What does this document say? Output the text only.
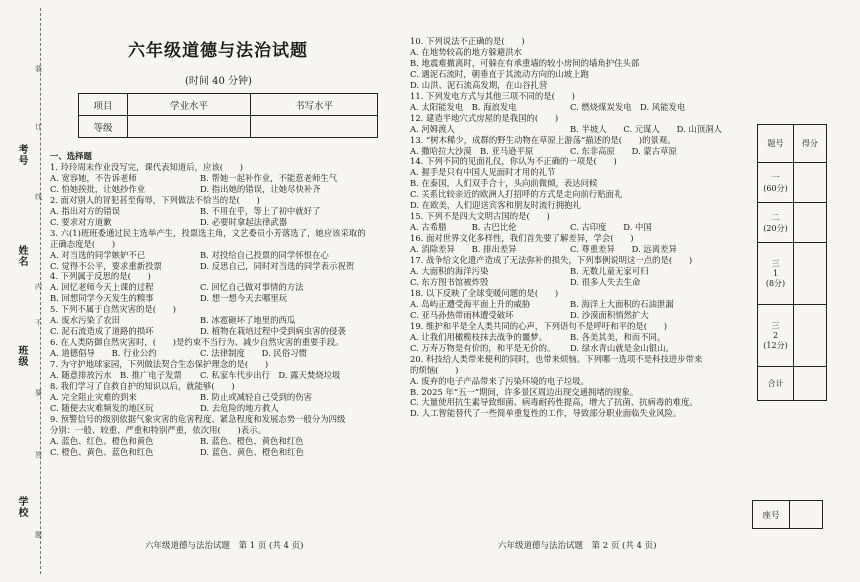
考号
姓名
班级
学校
装
订
线
内
不
要
答
题
六年级道德与法治试题
(时间 40 分钟)
项目	学业水平	书写水平
等级		
一、选择题
1. 玲玲周末作业没写完，课代表知道后，应该(　　)
A. 宽容她，不告诉老师	B. 帮她一起补作业，不能惹老师生气
C. 怕她挨批，让她抄作业	D. 指出她的错误，让她尽快补齐
2. 面对别人的冒犯甚至侮辱，下列做法不恰当的是(　　)
A. 指出对方的错误	B. 不用在乎，等上了初中就好了
C. 要求对方道歉	D. 必要时拿起法律武器
3. 六(1)班班委通过民主选举产生，投票选主角，文艺委员小芳落选了，她应该采取的
正确态度是(　　)
A. 对当选的同学嫉妒不已	B. 对投给自己投票的同学怀恨在心
C. 觉得不公平，要求重新投票	D. 反思自己，同时对当选的同学表示祝贺
4. 下列属于反思的是(　　)
A. 回忆老师今天上课的过程	C. 回忆自己做对事情的方法
B. 回想同学今天发生的糗事	D. 想一想今天去哪里玩
5. 下列不属于自然灾害的是(　　)
A. 废水污染了农田	B. 冰雹砸坏了地里的西瓜
C. 泥石流造成了道路的损坏	D. 植物在栽培过程中受到病虫害的侵袭
6. 在人类防御自然灾害时，(　　)是约束不当行为、减少自然灾害的重要手段。
A. 道德倡导　　B. 行业公约	C. 法律制度　　D. 民俗习惯
7. 为守护地球家园，下列做法契合生态保护理念的是(　　)
A. 随意排放污水　B. 推广电子发票 C. 私家车代步出行　D. 露天焚烧垃圾
8. 我们学习了自救自护的知识以后，就能够(　　)
A. 完全阻止灾难的到来	B. 防止或减轻自己受到的伤害
C. 随便去灾难频发的地区玩	D. 去危险的地方救人
9. 预警信号的级别依据气象灾害的危害程度、紧急程度和发展态势一般分为四级
分别：一般、较重、严重和特别严重，依次用(　　)表示。
A. 蓝色、红色、橙色和黄色	B. 蓝色、橙色、黄色和红色
C. 橙色、黄色、蓝色和红色	D. 蓝色、黄色、橙色和红色
10. 下列说法不正确的是(　　)
A. 在地势较高的地方躲避洪水
B. 地震难撤离时，可躲在有承重墙的较小房间的墙角护住头部
C. 遇泥石流时，朝垂直于其流动方向的山坡上跑
D. 山洪、泥石流高发期，在山谷扎营
11. 下列发电方式与其他三项不同的是(　　)
A. 太阳能发电　B. 海浪发电	C. 燃烧煤炭发电　D. 风能发电
12. 建造半地穴式房屋的是我国的(　　)
A. 河姆渡人	B. 半坡人　　C. 元谋人　　D. 山顶洞人
13. “树木稀少，成群的野生动物在草原上游荡”描述的是(　　)的景观。
A. 撒哈拉大沙漠　B. 亚马逊平原	C. 东非高原　　D. 蒙古草原
14. 下列不同的见面礼仪，你认为不正确的一项是(　　)
A. 握手是只有中国人见面时才用的礼节
B. 在泰国，人们双手合十，头向前微倾，表达问候
C. 关系比较亲近的欧洲人打招呼的方式是走向前行贴面礼
D. 在欧美，人们迎送宾客和朋友时流行拥抱礼
15. 下列不是四大文明古国的是(　　)
A. 古希腊　　　B. 古巴比伦	C. 古印度　　D. 中国
16. 面对世界文化多样性，我们首先要了解差异，学会(　　)
A. 消除差异　　B. 排出差异	C. 尊重差异　　D. 远离差异
17. 战争给文化遗产造成了无法弥补的损失，下列事例说明这一点的是(　　)
A. 大面积的海洋污染	B. 无数儿童无家可归
C. 东方图书馆被炸毁	D. 很多人失去生命
18. 以下反映了全球变暖问题的是(　　)
A. 岛屿正遭受海平面上升的威胁	B. 海洋上大面积的石油泄漏
C. 亚马孙热带雨林遭受破坏	D. 沙漠面积悄然扩大
19. 维护和平是全人类共同的心声，下列语句不是呼吁和平的是(　　)
A. 让我们用橄榄枝抹去战争的噩梦。	B. 各美其美，和而不同。
C. 万寿万物是有价的，和平是无价的。 D. 绿水青山就是金山银山。
20. 科技给人类带来便利的同时，也带来烦恼。下列哪一选项不是科技进步带来
的烦恼(　　)
A. 废弃的电子产品带来了污染环境的电子垃圾。
B. 2025 年“五一”期间，许多景区周边出现交通拥堵的现象。
C. 大量使用抗生素导致细菌、病毒耐药性提高，增大了抗菌、抗病毒的难度。
D. 人工智能替代了一些简单重复性的工作，导致部分职业面临失业风险。
六年级道德与法治试题　第 1 页 (共 4 页)	六年级道德与法治试题　第 2 页 (共 4 页)
题号	得分

一
(60分)	

二
(20分)	

三
1
(8分)	

三
2
(12分)	

合计	
座号	
